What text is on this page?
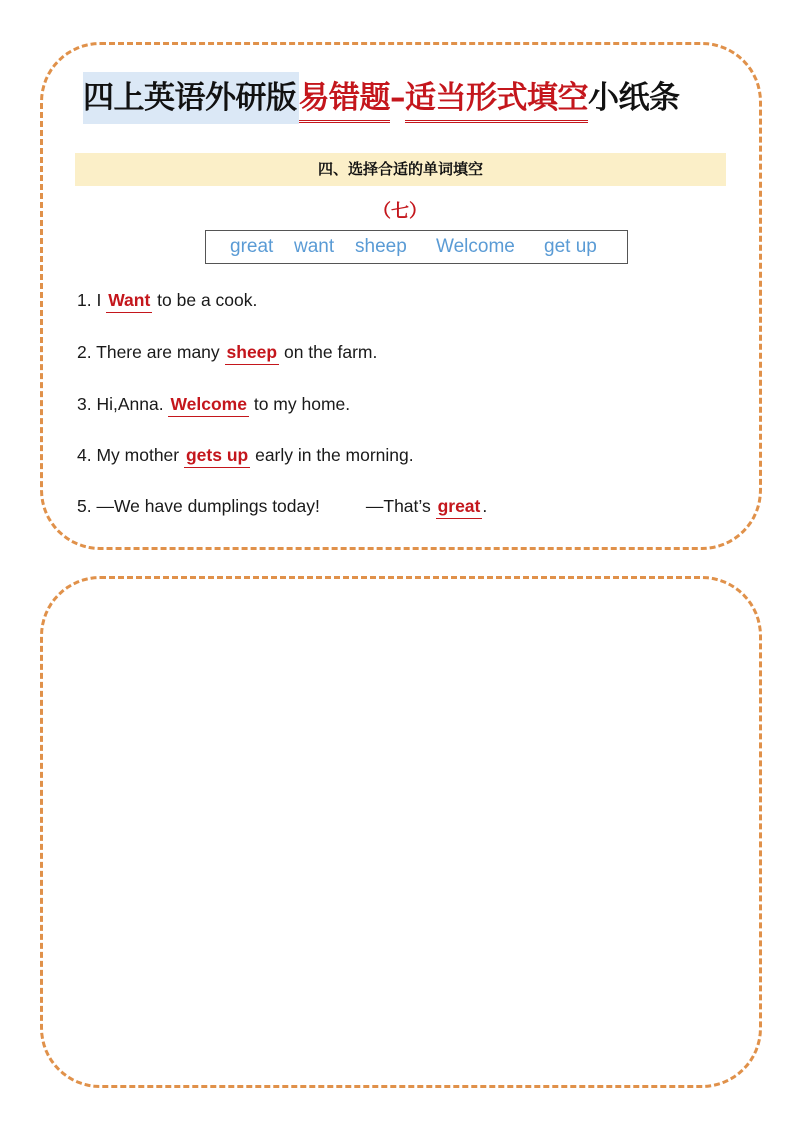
四上英语外研版易错题–适当形式填空小纸条
四、选择合适的单词填空
（七）
great want sheep Welcome get up
1. I Want to be a cook.
2. There are many sheep on the farm.
3. Hi,Anna. Welcome to my home.
4. My mother gets up early in the morning.
5. —We have dumplings today!	—That’s great .
